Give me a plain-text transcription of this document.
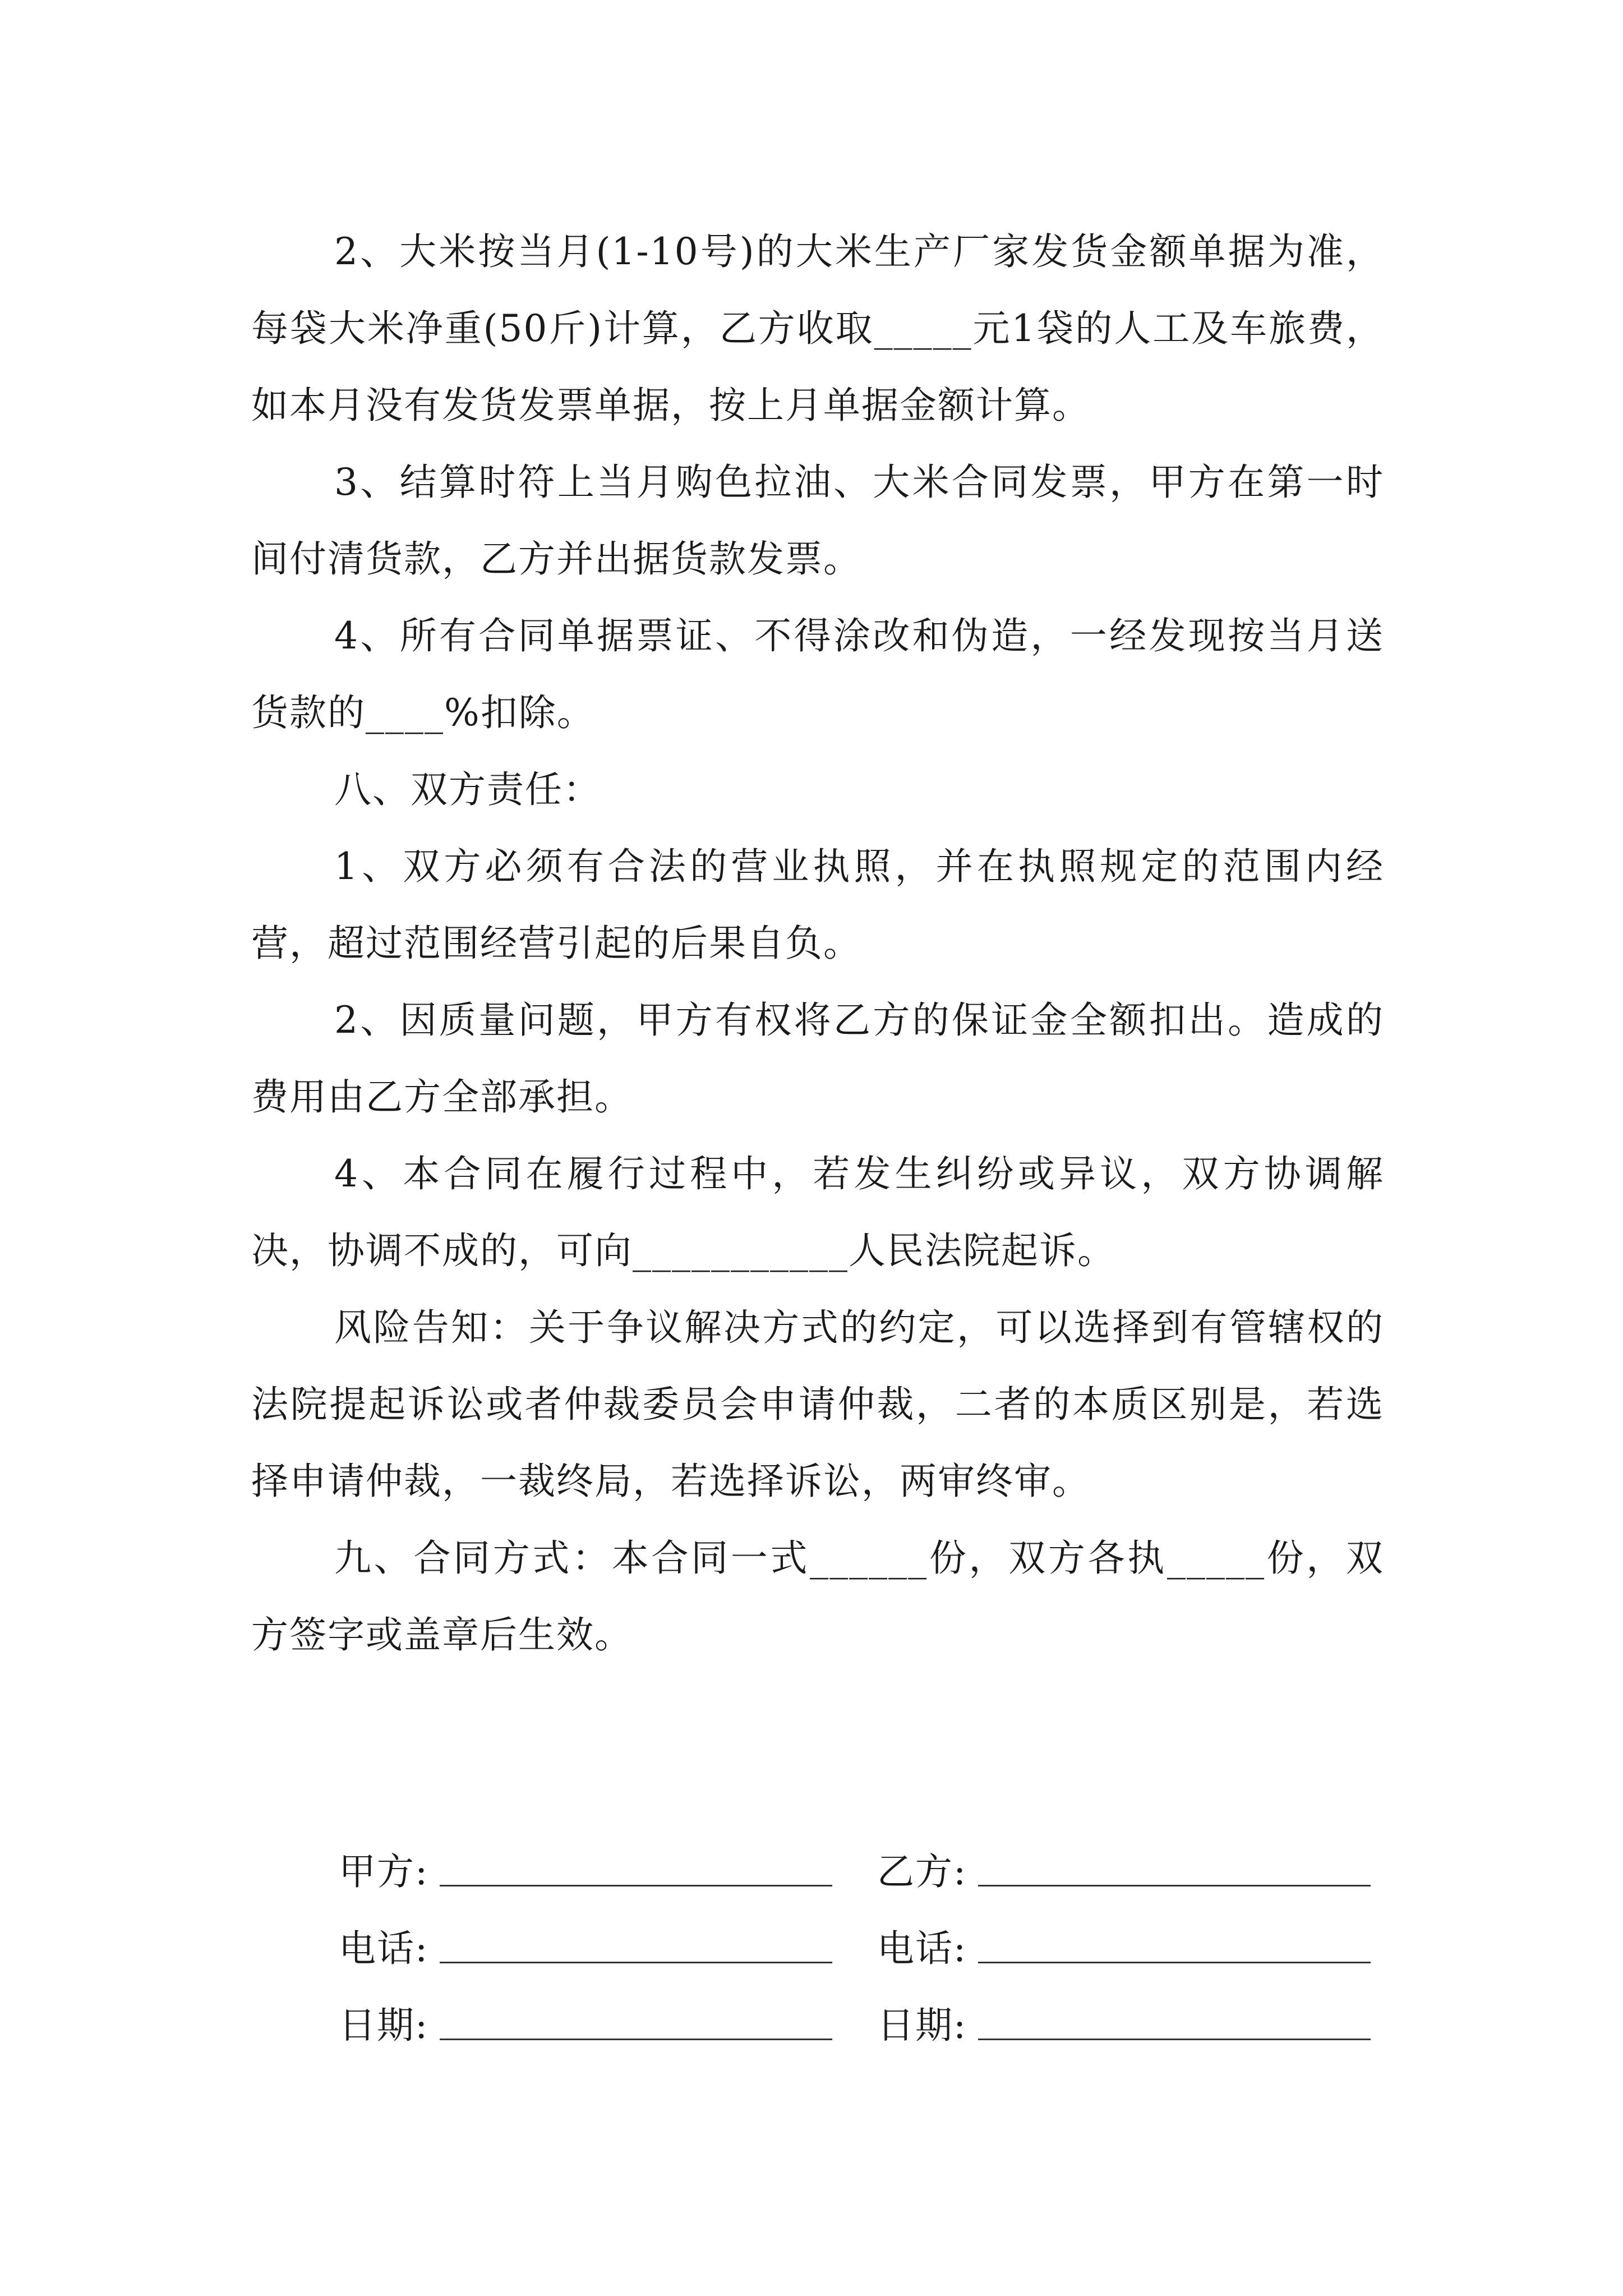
2、大米按当月(1-10号)的大米生产厂家发货金额单据为准，每袋大米净重(50斤)计算，乙方收取_____元1袋的人工及车旅费，如本月没有发货发票单据，按上月单据金额计算。

3、结算时符上当月购色拉油、大米合同发票，甲方在第一时间付清货款，乙方并出据货款发票。

4、所有合同单据票证、不得涂改和伪造，一经发现按当月送货款的____%扣除。

八、双方责任：

1、双方必须有合法的营业执照，并在执照规定的范围内经营，超过范围经营引起的后果自负。

2、因质量问题，甲方有权将乙方的保证金全额扣出。造成的费用由乙方全部承担。

4、本合同在履行过程中，若发生纠纷或异议，双方协调解决，协调不成的，可向___________人民法院起诉。

风险告知：关于争议解决方式的约定，可以选择到有管辖权的法院提起诉讼或者仲裁委员会申请仲裁，二者的本质区别是，若选择申请仲裁，一裁终局，若选择诉讼，两审终审。

九、合同方式：本合同一式______份，双方各执_____份，双方签字或盖章后生效。

甲方:	乙方:
电话:	电话:
日期:	日期:
